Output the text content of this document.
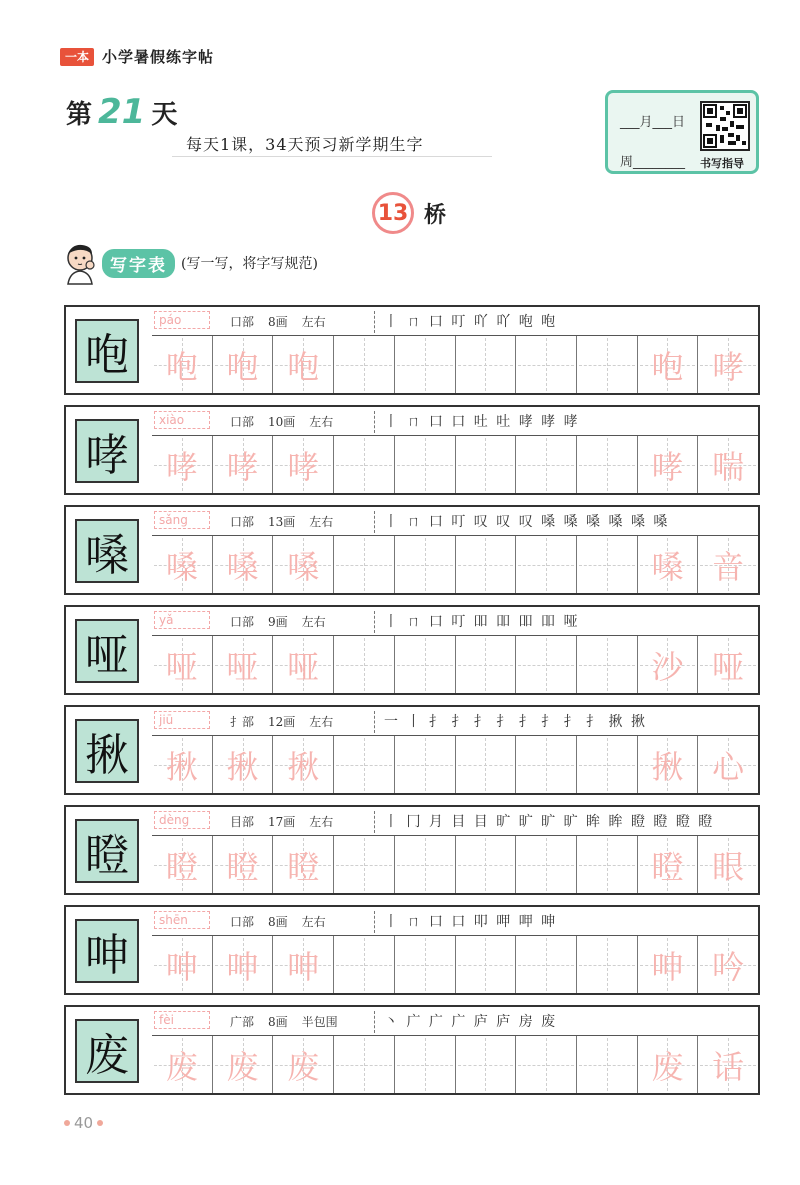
一本 小学暑假练字帖
第 21 天
每天1课，34天预习新学期生字
___月___日
周________ 书写指导
13 桥
写字表	(写一写，将字写规范)
咆
páo	口部 8画 左右	丨 ㄇ 口 叮 吖 吖 咆 咆
咆 咆 咆	咆 哮
哮
xiào	口部 10画 左右	丨 ㄇ 口 口 吐 吐 哮 哮 哮
哮 哮 哮	哮 喘
嗓
sǎng	口部 13画 左右	丨 ㄇ 口 叮 叹 叹 叹 嗓 嗓 嗓 嗓 嗓 嗓
嗓 嗓 嗓	嗓 音
哑
yǎ	口部 9画 左右	丨 ㄇ 口 叮 吅 吅 吅 吅 哑
哑 哑 哑	沙 哑
揪
jiū	扌部 12画 左右	一 丨 扌 扌 扌 扌 扌 扌 扌 扌 揪 揪
揪 揪 揪	揪 心
瞪
dèng	目部 17画 左右	丨 冂 月 目 目 旷 旷 旷 旷 眸 眸 瞪 瞪 瞪 瞪
瞪 瞪 瞪	瞪 眼
呻
shēn	口部 8画 左右	丨 ㄇ 口 口 叩 呷 呷 呻
呻 呻 呻	呻 吟
废
fèi	广部 8画 半包围	丶 广 广 广 庐 庐 房 废
废 废 废	废 话
40
